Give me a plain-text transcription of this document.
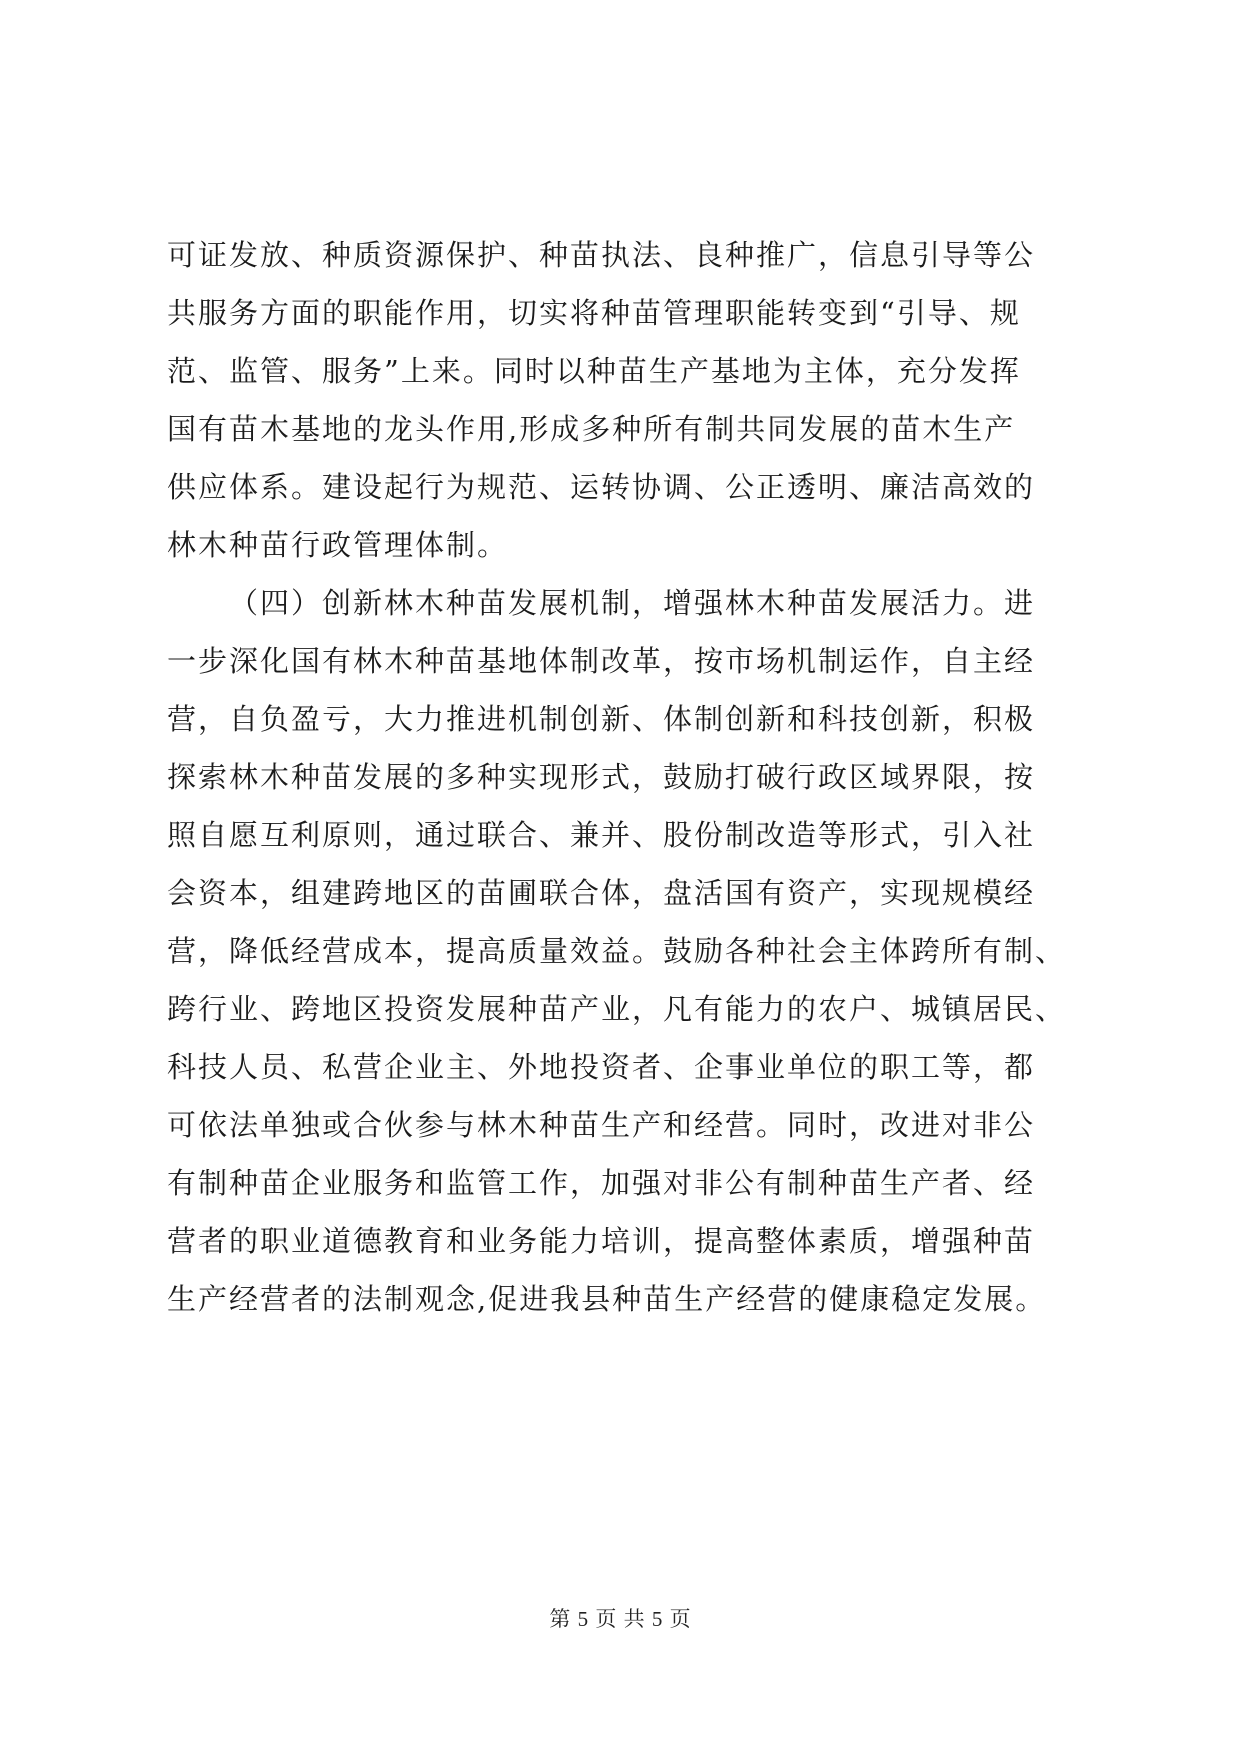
可证发放、种质资源保护、种苗执法、良种推广，信息引导等公
共服务方面的职能作用，切实将种苗管理职能转变到“引导、规
范、监管、服务”上来。同时以种苗生产基地为主体，充分发挥
国有苗木基地的龙头作用,形成多种所有制共同发展的苗木生产
供应体系。建设起行为规范、运转协调、公正透明、廉洁高效的
林木种苗行政管理体制。
（四）创新林木种苗发展机制，增强林木种苗发展活力。进
一步深化国有林木种苗基地体制改革，按市场机制运作，自主经
营，自负盈亏，大力推进机制创新、体制创新和科技创新，积极
探索林木种苗发展的多种实现形式，鼓励打破行政区域界限，按
照自愿互利原则，通过联合、兼并、股份制改造等形式，引入社
会资本，组建跨地区的苗圃联合体，盘活国有资产，实现规模经
营，降低经营成本，提高质量效益。鼓励各种社会主体跨所有制、
跨行业、跨地区投资发展种苗产业，凡有能力的农户、城镇居民、
科技人员、私营企业主、外地投资者、企事业单位的职工等，都
可依法单独或合伙参与林木种苗生产和经营。同时，改进对非公
有制种苗企业服务和监管工作，加强对非公有制种苗生产者、经
营者的职业道德教育和业务能力培训，提高整体素质，增强种苗
生产经营者的法制观念,促进我县种苗生产经营的健康稳定发展。
第 5 页 共 5 页
